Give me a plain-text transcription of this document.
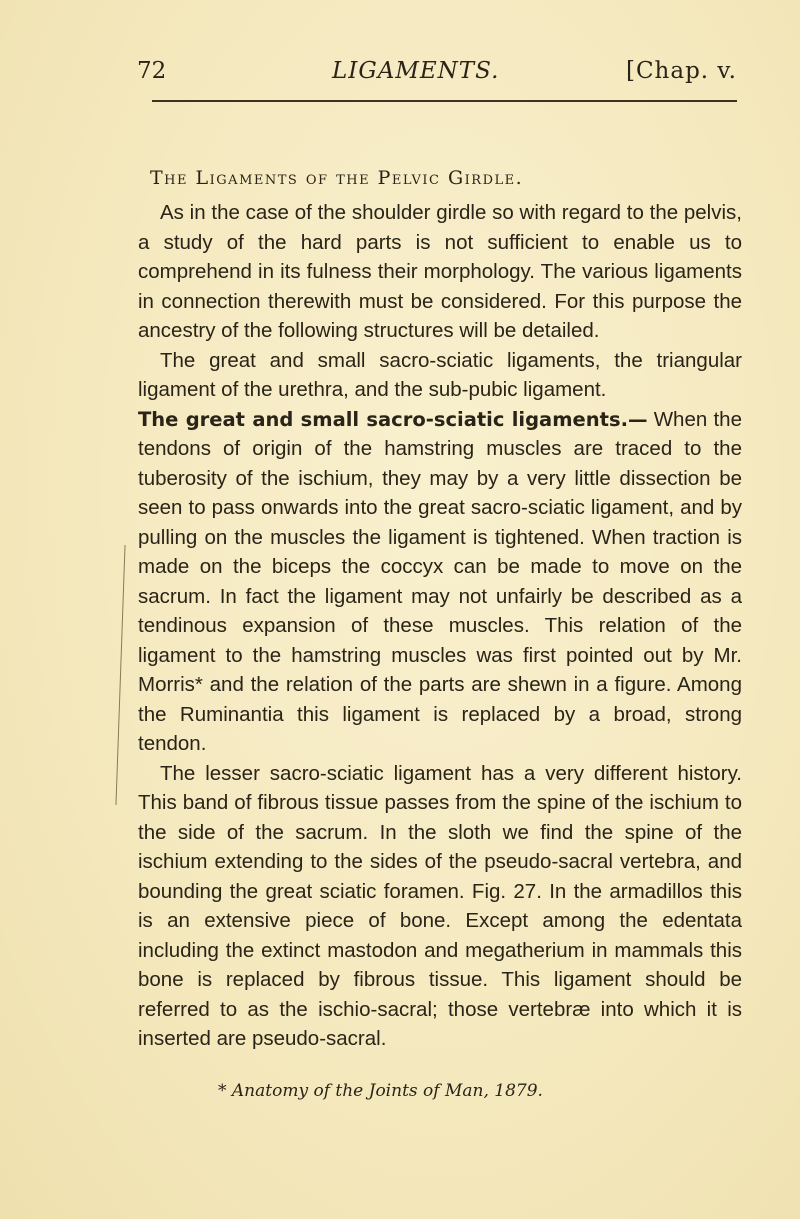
72	LIGAMENTS.	[Chap. v.
The Ligaments of the Pelvic Girdle.

As in the case of the shoulder girdle so with regard to the pelvis, a study of the hard parts is not sufficient to enable us to comprehend in its fulness their morphology. The various ligaments in connection therewith must be considered. For this purpose the ancestry of the following structures will be detailed.

The great and small sacro-sciatic ligaments, the triangular ligament of the urethra, and the sub-pubic ligament.

The great and small sacro-sciatic ligaments.— When the tendons of origin of the hamstring muscles are traced to the tuberosity of the ischium, they may by a very little dissection be seen to pass onwards into the great sacro-sciatic ligament, and by pulling on the muscles the ligament is tightened. When traction is made on the biceps the coccyx can be made to move on the sacrum. In fact the ligament may not unfairly be described as a tendinous expansion of these muscles. This relation of the ligament to the hamstring muscles was first pointed out by Mr. Morris* and the relation of the parts are shewn in a figure. Among the Ruminantia this ligament is replaced by a broad, strong tendon.

The lesser sacro-sciatic ligament has a very different history. This band of fibrous tissue passes from the spine of the ischium to the side of the sacrum. In the sloth we find the spine of the ischium extending to the sides of the pseudo-sacral vertebra, and bounding the great sciatic foramen. Fig. 27. In the armadillos this is an extensive piece of bone. Except among the edentata including the extinct mastodon and megatherium in mammals this bone is replaced by fibrous tissue. This ligament should be referred to as the ischio-sacral; those vertebræ into which it is inserted are pseudo-sacral.

* Anatomy of the Joints of Man, 1879.
